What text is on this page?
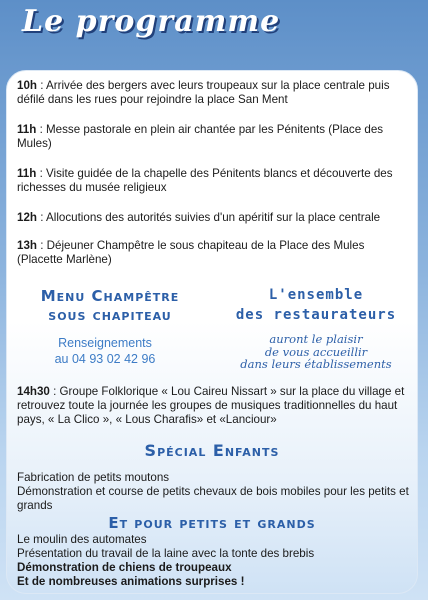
Le programme
10h : Arrivée des bergers avec leurs troupeaux sur la place centrale puis défilé dans les rues pour rejoindre la place San Ment
11h : Messe pastorale en plein air chantée par les Pénitents (Place des Mules)
11h : Visite guidée de la chapelle des Pénitents blancs et découverte des richesses du musée religieux
12h : Allocutions des autorités suivies d'un apéritif sur la place centrale
13h : Déjeuner Champêtre le sous chapiteau de la Place des Mules (Placette Marlène)
Menu Champêtre
sous chapiteau
Renseignements
au 04 93 02 42 96
L'ensemble
des restaurateurs
auront le plaisir
de vous accueillir
dans leurs établissements
14h30 : Groupe Folklorique « Lou Caireu Nissart » sur la place du village et retrouvez toute la journée les groupes de musiques traditionnelles du haut pays, « La Clico », « Lous Charafis» et «Lanciour»
Spécial Enfants
Fabrication de petits moutons
Démonstration et course de petits chevaux de bois mobiles pour les petits et grands
Et pour petits et grands
Le moulin des automates
Présentation du travail de la laine avec la tonte des brebis
Démonstration de chiens de troupeaux
Et de nombreuses animations surprises !
